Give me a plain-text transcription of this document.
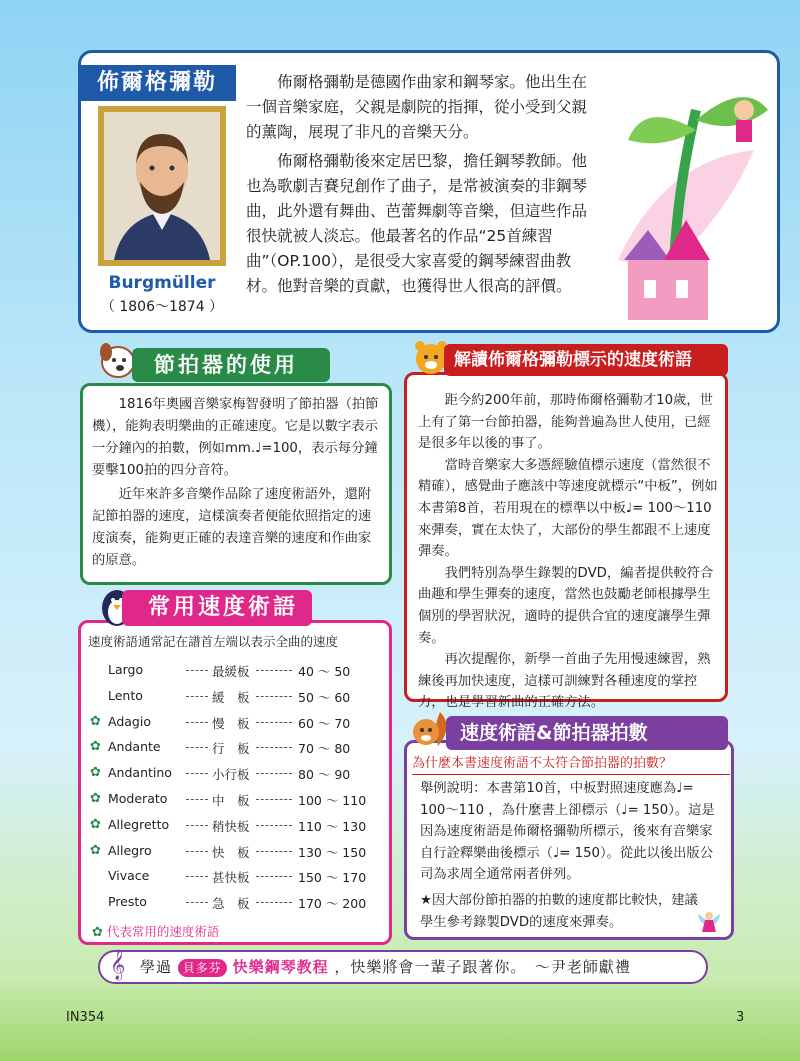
佈爾格彌勒
Burgmüller
（ 1806～1874 ）

佈爾格彌勒是德國作曲家和鋼琴家。他出生在一個音樂家庭，父親是劇院的指揮，從小受到父親的薰陶，展現了非凡的音樂天分。

佈爾格彌勒後來定居巴黎，擔任鋼琴教師。他也為歌劇吉賽兒創作了曲子，是常被演奏的非鋼琴曲，此外還有舞曲、芭蕾舞劇等音樂，但這些作品很快就被人淡忘。他最著名的作品“25首練習曲”（OP.100），是很受大家喜愛的鋼琴練習曲教材。他對音樂的貢獻，也獲得世人很高的評價。

節拍器的使用

1816年奧國音樂家梅智發明了節拍器（拍節機），能夠表明樂曲的正確速度。它是以數字表示一分鐘內的拍數，例如mm.♩=100，表示每分鐘要擊100拍的四分音符。

近年來許多音樂作品除了速度術語外，還附記節拍器的速度，這樣演奏者便能依照指定的速度演奏，能夠更正確的表達音樂的速度和作曲家的原意。

常用速度術語
速度術語通常記在譜首左端以表示全曲的速度
Largo	最緩板	40 ～ 50
Lento	緩　板	50 ～ 60
✿ Adagio	慢　板	60 ～ 70
✿ Andante	行　板	70 ～ 80
✿ Andantino	小行板	80 ～ 90
✿ Moderato	中　板	100 ～ 110
✿ Allegretto	稍快板	110 ～ 130
✿ Allegro	快　板	130 ～ 150
Vivace	甚快板	150 ～ 170
Presto	急　板	170 ～ 200
✿ 代表常用的速度術語
解讀佈爾格彌勒標示的速度術語

距今約200年前，那時佈爾格彌勒才10歲，世上有了第一台節拍器，能夠普遍為世人使用，已經是很多年以後的事了。

當時音樂家大多憑經驗值標示速度（當然很不精確），感覺曲子應該中等速度就標示“中板”，例如本書第8首，若用現在的標準以中板♩= 100～110來彈奏，實在太快了，大部份的學生都跟不上速度彈奏。

我們特別為學生錄製的DVD，編者提供較符合曲趣和學生彈奏的速度，當然也鼓勵老師根據學生個別的學習狀況，適時的提供合宜的速度讓學生彈奏。

再次提醒你，新學一首曲子先用慢速練習，熟練後再加快速度，這樣可訓練對各種速度的掌控力，也是學習新曲的正確方法。

速度術語&節拍器拍數
為什麼本書速度術語不太符合節拍器的拍數？
舉例說明：本書第10首，中板對照速度應為♩= 100～110 ，為什麼書上卻標示（♩= 150）。這是因為速度術語是佈爾格彌勒所標示，後來有音樂家自行詮釋樂曲後標示（♩= 150）。從此以後出版公司為求周全通常兩者併列。
★因大部份節拍器的拍數的速度都比較快，建議學生參考錄製DVD的速度來彈奏。
𝄞 學過 貝多芬 快樂鋼琴教程 ，快樂將會一輩子跟著你。　～尹老師獻禮
IN354	3
